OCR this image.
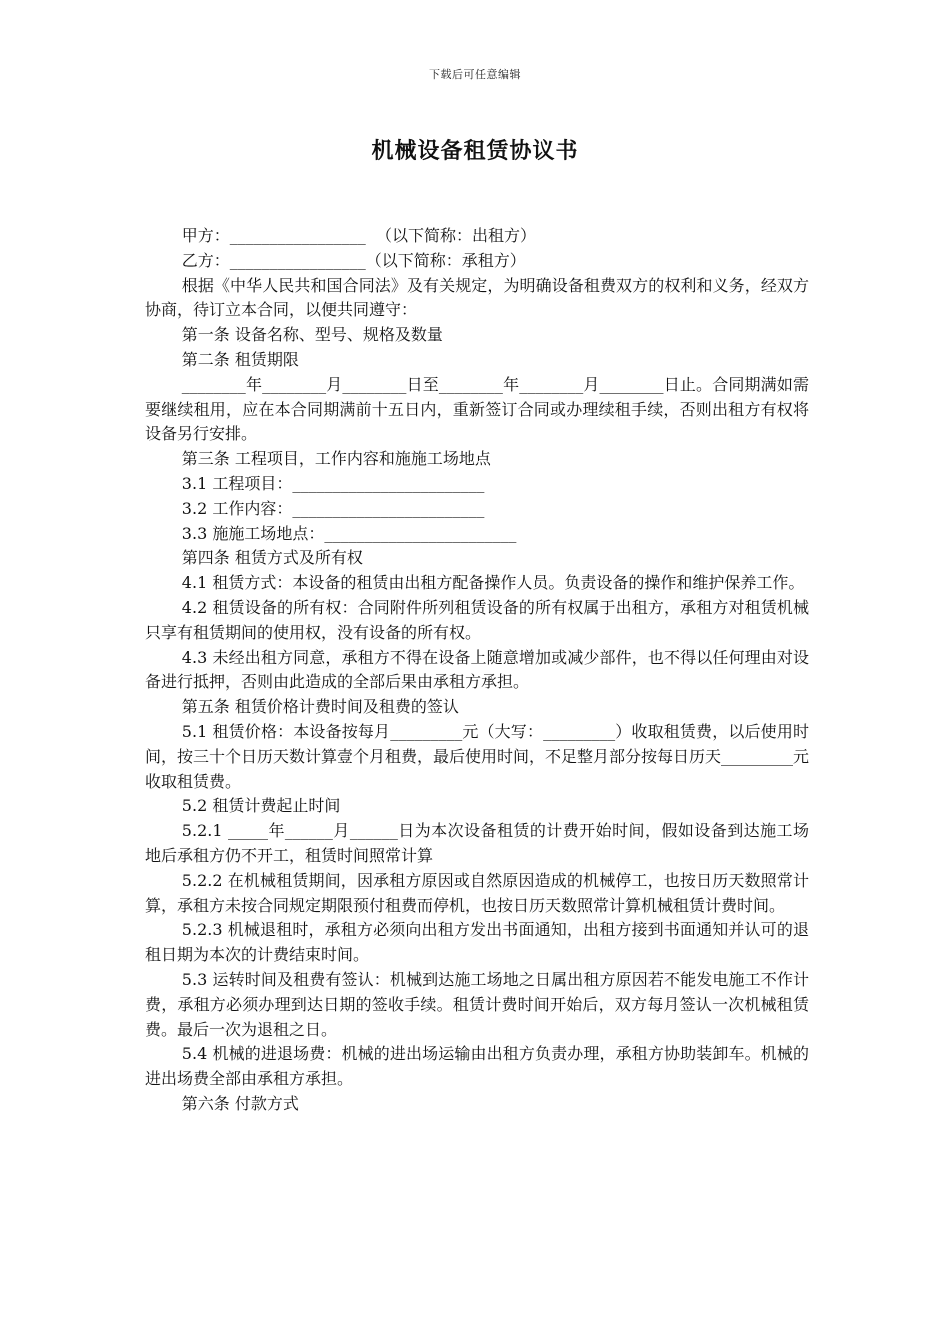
下载后可任意编辑
机械设备租赁协议书

甲方：_________________  （以下简称：出租方）

乙方：_________________（以下简称：承租方）

根据《中华人民共和国合同法》及有关规定，为明确设备租费双方的权利和义务，经双方协商，待订立本合同，以便共同遵守：

第一条 设备名称、型号、规格及数量

第二条 租赁期限

________年________月________日至________年________月________日止。合同期满如需要继续租用，应在本合同期满前十五日内，重新签订合同或办理续租手续，否则出租方有权将设备另行安排。

第三条 工程项目，工作内容和施施工场地点

3.1 工程项目：________________________

3.2 工作内容：________________________

3.3 施施工场地点：________________________

第四条 租赁方式及所有权

4.1 租赁方式：本设备的租赁由出租方配备操作人员。负责设备的操作和维护保养工作。

4.2 租赁设备的所有权：合同附件所列租赁设备的所有权属于出租方，承租方对租赁机械只享有租赁期间的使用权，没有设备的所有权。

4.3 未经出租方同意，承租方不得在设备上随意增加或减少部件，也不得以任何理由对设备进行抵押，否则由此造成的全部后果由承租方承担。

第五条 租赁价格计费时间及租费的签认

5.1 租赁价格：本设备按每月_________元（大写：_________）收取租赁费，以后使用时间，按三十个日历天数计算壹个月租费，最后使用时间，不足整月部分按每日历天_________元收取租赁费。

5.2 租赁计费起止时间

5.2.1 _____年______月______日为本次设备租赁的计费开始时间，假如设备到达施工场地后承租方仍不开工，租赁时间照常计算

5.2.2 在机械租赁期间，因承租方原因或自然原因造成的机械停工，也按日历天数照常计算，承租方未按合同规定期限预付租费而停机，也按日历天数照常计算机械租赁计费时间。

5.2.3 机械退租时，承租方必须向出租方发出书面通知，出租方接到书面通知并认可的退租日期为本次的计费结束时间。

5.3 运转时间及租费有签认：机械到达施工场地之日属出租方原因若不能发电施工不作计费，承租方必须办理到达日期的签收手续。租赁计费时间开始后，双方每月签认一次机械租赁费。最后一次为退租之日。

5.4 机械的进退场费：机械的进出场运输由出租方负责办理，承租方协助装卸车。机械的进出场费全部由承租方承担。

第六条 付款方式
